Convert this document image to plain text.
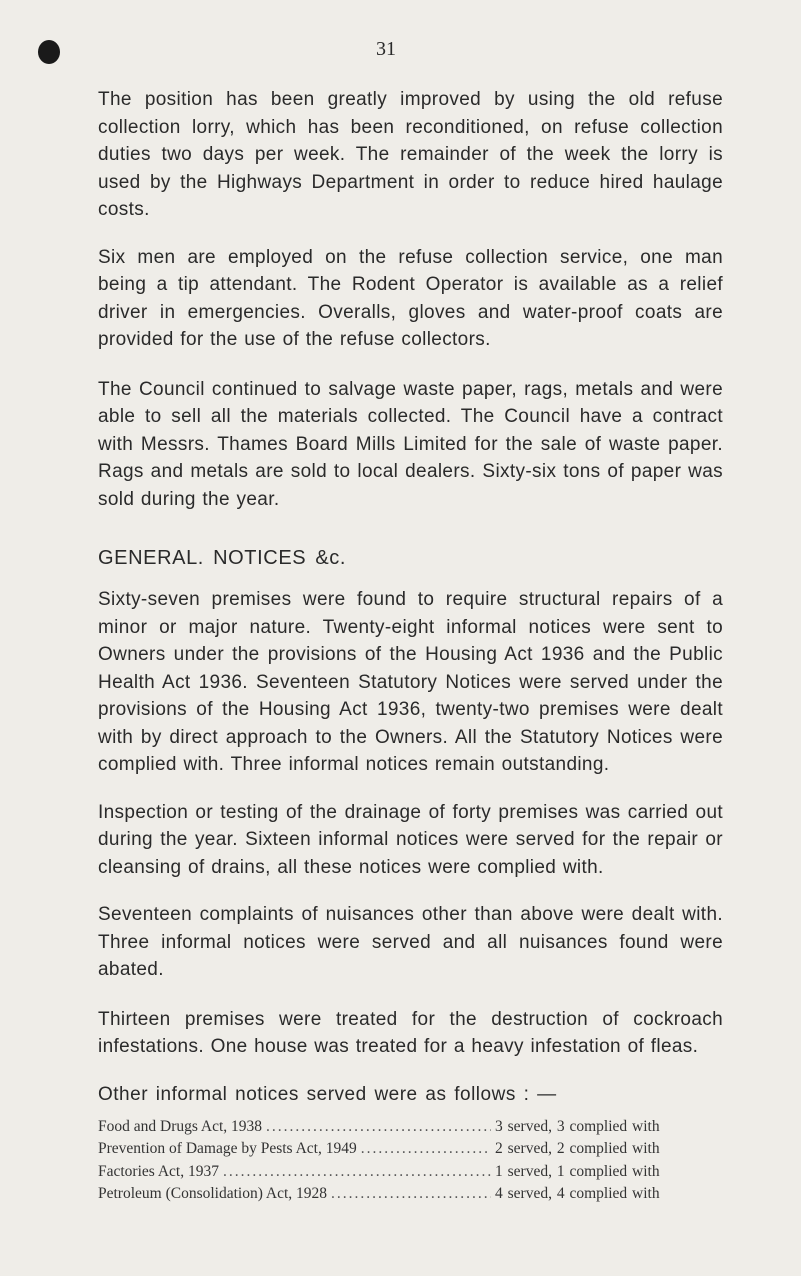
31

The position has been greatly improved by using the old refuse collection lorry, which has been reconditioned, on refuse collection duties two days per week. The remainder of the week the lorry is used by the Highways Department in order to reduce hired haulage costs.

Six men are employed on the refuse collection service, one man being a tip attendant. The Rodent Operator is available as a relief driver in emergencies. Overalls, gloves and water-proof coats are provided for the use of the refuse collectors.

The Council continued to salvage waste paper, rags, metals and were able to sell all the materials collected. The Council have a contract with Messrs. Thames Board Mills Limited for the sale of waste paper. Rags and metals are sold to local dealers. Sixty-six tons of paper was sold during the year.

GENERAL. NOTICES &c.

Sixty-seven premises were found to require structural repairs of a minor or major nature. Twenty-eight informal notices were sent to Owners under the provisions of the Housing Act 1936 and the Public Health Act 1936. Seventeen Statutory Notices were served under the provisions of the Housing Act 1936, twenty-two premises were dealt with by direct approach to the Owners. All the Statutory Notices were complied with. Three informal notices remain outstanding.

Inspection or testing of the drainage of forty premises was carried out during the year. Sixteen informal notices were served for the repair or cleansing of drains, all these notices were complied with.

Seventeen complaints of nuisances other than above were dealt with. Three informal notices were served and all nuisances found were abated.

Thirteen premises were treated for the destruction of cockroach infestations. One house was treated for a heavy infestation of fleas.

Other informal notices served were as follows : —

Food and Drugs Act, 1938 .....	3 served, 3 complied with
Prevention of Damage by Pests Act, 1949 .....	2 served, 2 complied with
Factories Act, 1937 .....	1 served, 1 complied with
Petroleum (Consolidation) Act, 1928 .....	4 served, 4 complied with
